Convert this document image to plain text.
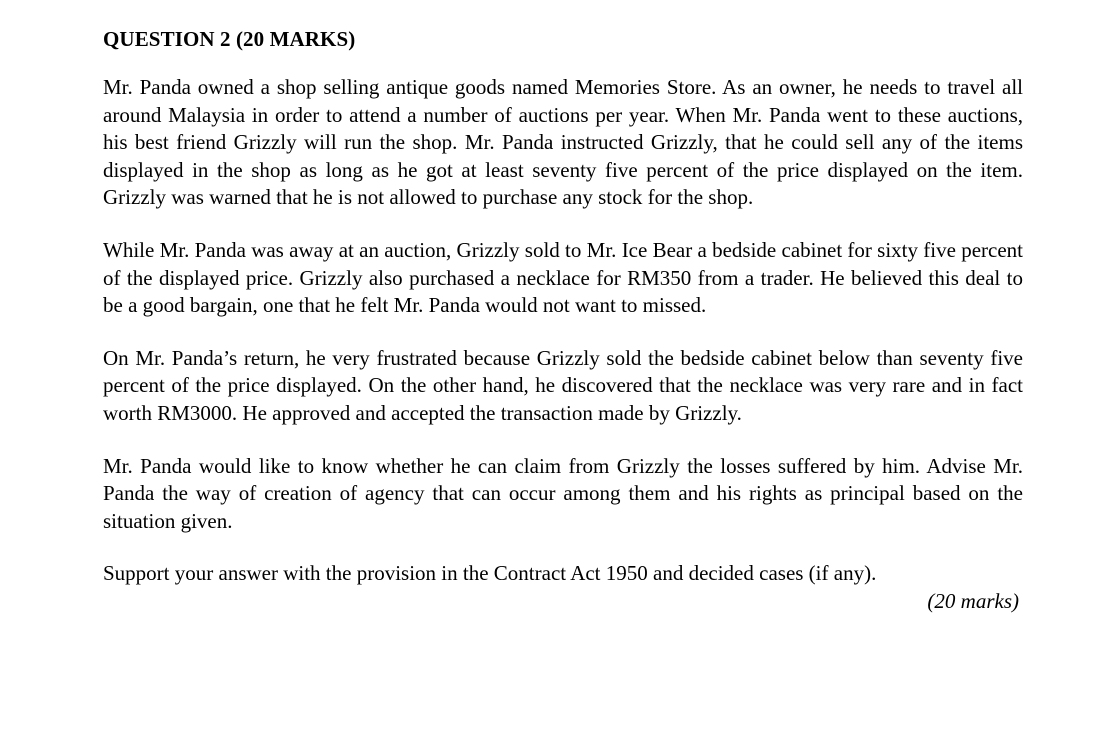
QUESTION 2 (20 MARKS)

Mr. Panda owned a shop selling antique goods named Memories Store. As an owner, he needs to travel all around Malaysia in order to attend a number of auctions per year. When Mr. Panda went to these auctions, his best friend Grizzly will run the shop. Mr. Panda instructed Grizzly, that he could sell any of the items displayed in the shop as long as he got at least seventy five percent of the price displayed on the item. Grizzly was warned that he is not allowed to purchase any stock for the shop.

While Mr. Panda was away at an auction, Grizzly sold to Mr. Ice Bear a bedside cabinet for sixty five percent of the displayed price. Grizzly also purchased a necklace for RM350 from a trader. He believed this deal to be a good bargain, one that he felt Mr. Panda would not want to missed.

On Mr. Panda’s return, he very frustrated because Grizzly sold the bedside cabinet below than seventy five percent of the price displayed. On the other hand, he discovered that the necklace was very rare and in fact worth RM3000. He approved and accepted the transaction made by Grizzly.

Mr. Panda would like to know whether he can claim from Grizzly the losses suffered by him. Advise Mr. Panda the way of creation of agency that can occur among them and his rights as principal based on the situation given.

Support your answer with the provision in the Contract Act 1950 and decided cases (if any).

(20 marks)
